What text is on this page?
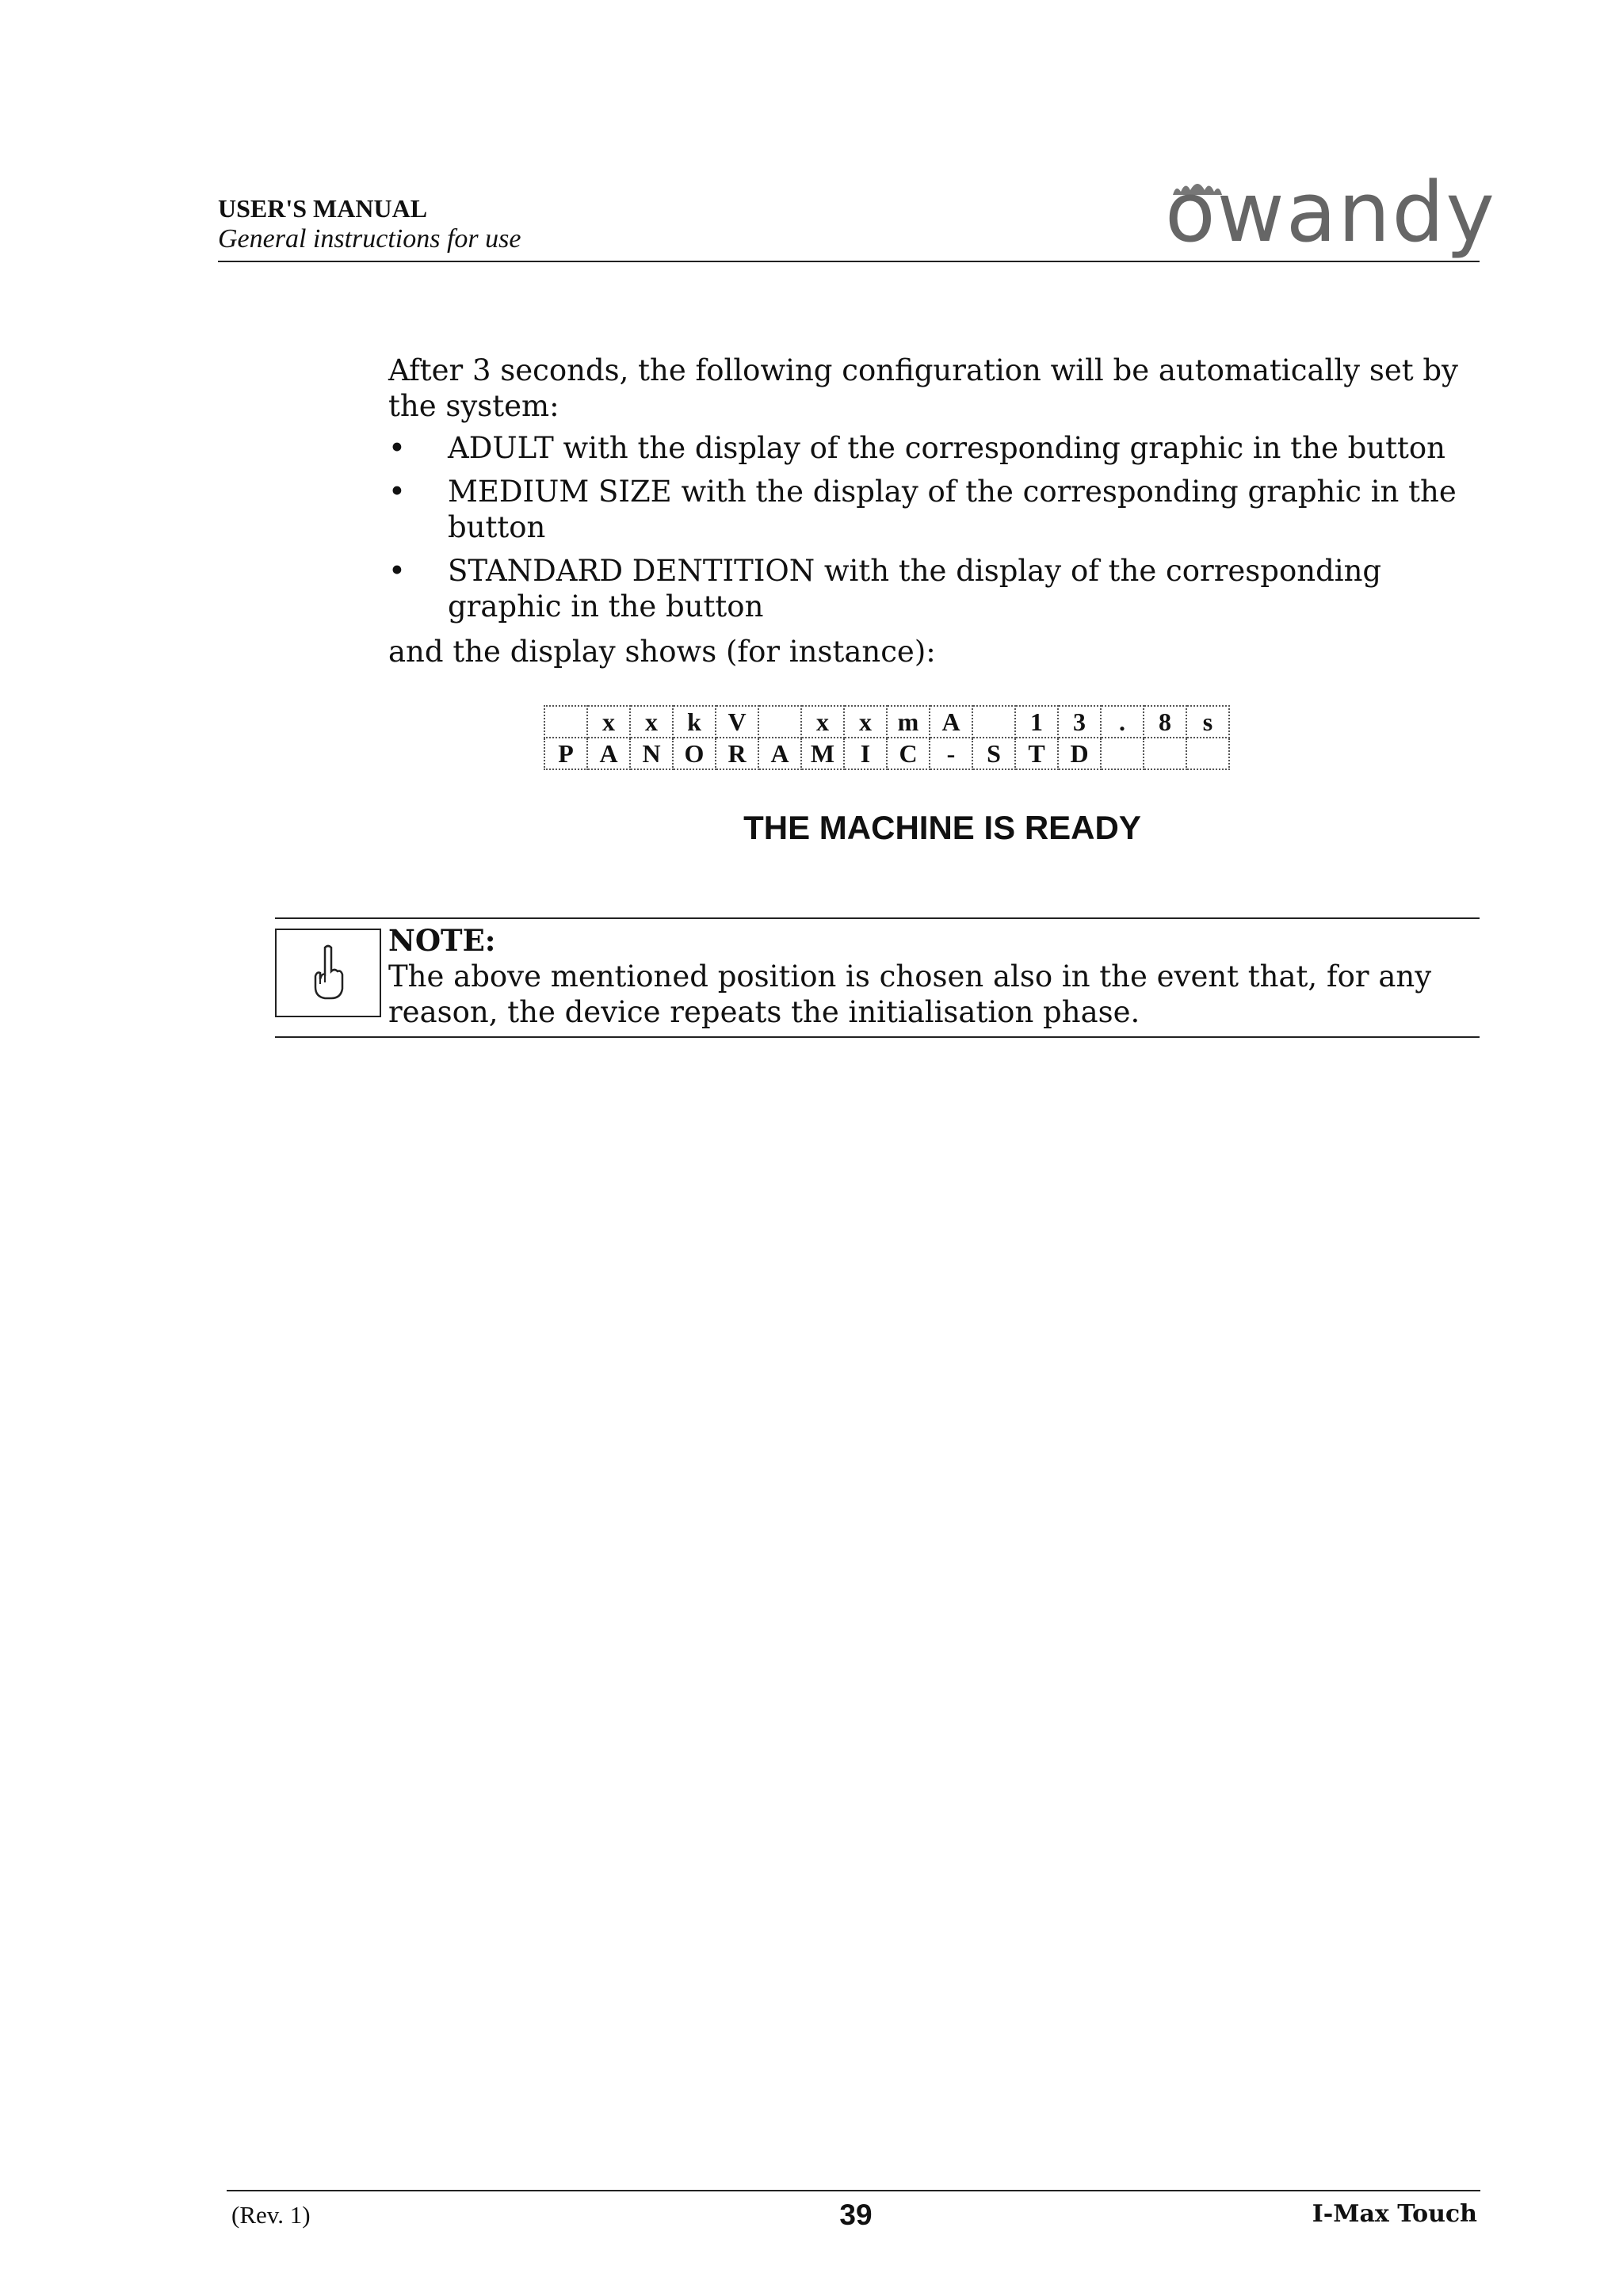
USER'S MANUAL
General instructions for use	owandy
After 3 seconds, the following configuration will be automatically set by the system:
• ADULT with the display of the corresponding graphic in the button
• MEDIUM SIZE with the display of the corresponding graphic in the button
• STANDARD DENTITION with the display of the corresponding graphic in the button
and the display shows (for instance):
	x	x	k	V		x	x	m	A		1	3	.	8	s
P	A	N	O	R	A	M	I	C	-	S	T	D			
THE MACHINE IS READY
NOTE:
The above mentioned position is chosen also in the event that, for any reason, the device repeats the initialisation phase.
(Rev. 1)	39	I-Max Touch
